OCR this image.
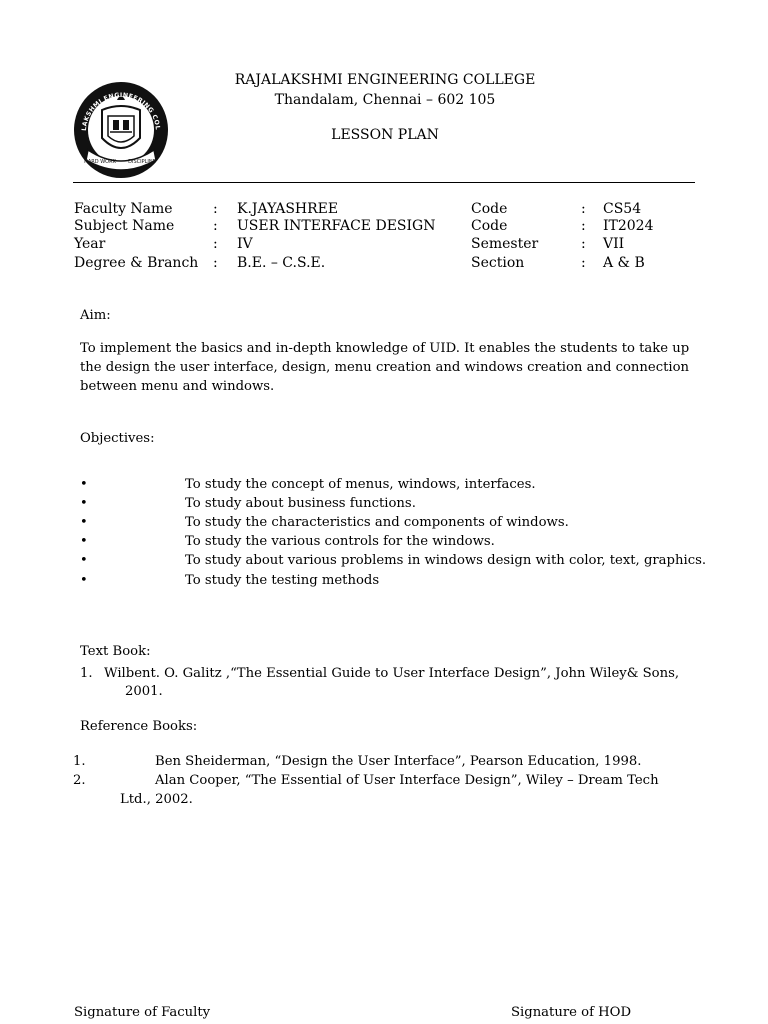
LAKSHMI ENGINEERING COL
HARD WORK DISCIPLINE
RAJALAKSHMI ENGINEERING COLLEGE
Thandalam, Chennai – 602 105
LESSON PLAN
Faculty Name	: K.JAYASHREE	Code	: CS54
Subject Name	: USER INTERFACE DESIGN	Code	: IT2024
Year	: IV	Semester	: VII
Degree & Branch : B.E. – C.S.E.	Section	: A & B
Aim:
To implement the basics and in-depth knowledge of UID. It enables the students to take up
the design the user interface, design, menu creation and windows creation and connection
between menu and windows.
Objectives:
•	To study the concept of menus, windows, interfaces.
•	To study about business functions.
•	To study the characteristics and components of windows.
•	To study the various controls for the windows.
•	To study about various problems in windows design with color, text, graphics.
•	To study the testing methods
Text Book:
1. Wilbent. O. Galitz ,“The Essential Guide to User Interface Design”, John Wiley& Sons,
2001.
Reference Books:
1.	Ben Sheiderman, “Design the User Interface”, Pearson Education, 1998.
2.	Alan Cooper, “The Essential of User Interface Design”, Wiley – Dream Tech
Ltd., 2002.
Signature of Faculty	Signature of HOD
